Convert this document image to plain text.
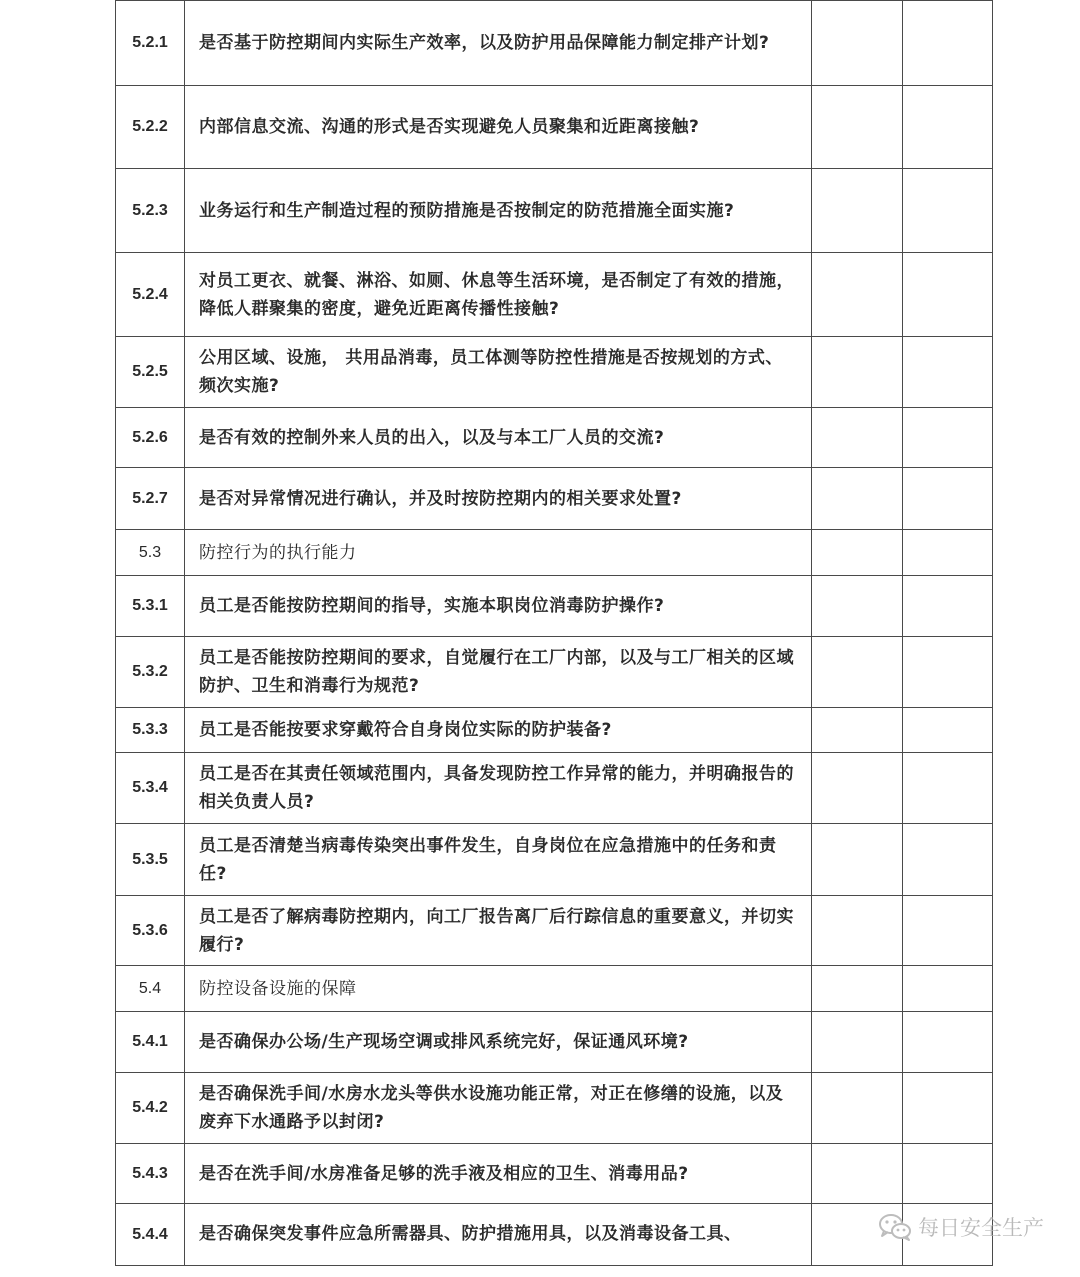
5.2.1	是否基于防控期间内实际生产效率，以及防护用品保障能力制定排产计划?		
5.2.2	内部信息交流、沟通的形式是否实现避免人员聚集和近距离接触?		
5.2.3	业务运行和生产制造过程的预防措施是否按制定的防范措施全面实施?		
5.2.4	对员工更衣、就餐、淋浴、如厕、休息等生活环境，是否制定了有效的措施，降低人群聚集的密度，避免近距离传播性接触?		
5.2.5	公用区域、设施， 共用品消毒，员工体测等防控性措施是否按规划的方式、频次实施?		
5.2.6	是否有效的控制外来人员的出入，以及与本工厂人员的交流?		
5.2.7	是否对异常情况进行确认，并及时按防控期内的相关要求处置?		
5.3	防控行为的执行能力		
5.3.1	员工是否能按防控期间的指导，实施本职岗位消毒防护操作?		
5.3.2	员工是否能按防控期间的要求，自觉履行在工厂内部，以及与工厂相关的区域防护、卫生和消毒行为规范?		
5.3.3	员工是否能按要求穿戴符合自身岗位实际的防护装备?		
5.3.4	员工是否在其责任领域范围内，具备发现防控工作异常的能力，并明确报告的相关负责人员?		
5.3.5	员工是否清楚当病毒传染突出事件发生，自身岗位在应急措施中的任务和责任?		
5.3.6	员工是否了解病毒防控期内，向工厂报告离厂后行踪信息的重要意义，并切实履行?		
5.4	防控设备设施的保障		
5.4.1	是否确保办公场/生产现场空调或排风系统完好，保证通风环境?		
5.4.2	是否确保洗手间/水房水龙头等供水设施功能正常，对正在修缮的设施，以及废弃下水通路予以封闭?		
5.4.3	是否在洗手间/水房准备足够的洗手液及相应的卫生、消毒用品?		
5.4.4	是否确保突发事件应急所需器具、防护措施用具，以及消毒设备工具、			每日安全生产
